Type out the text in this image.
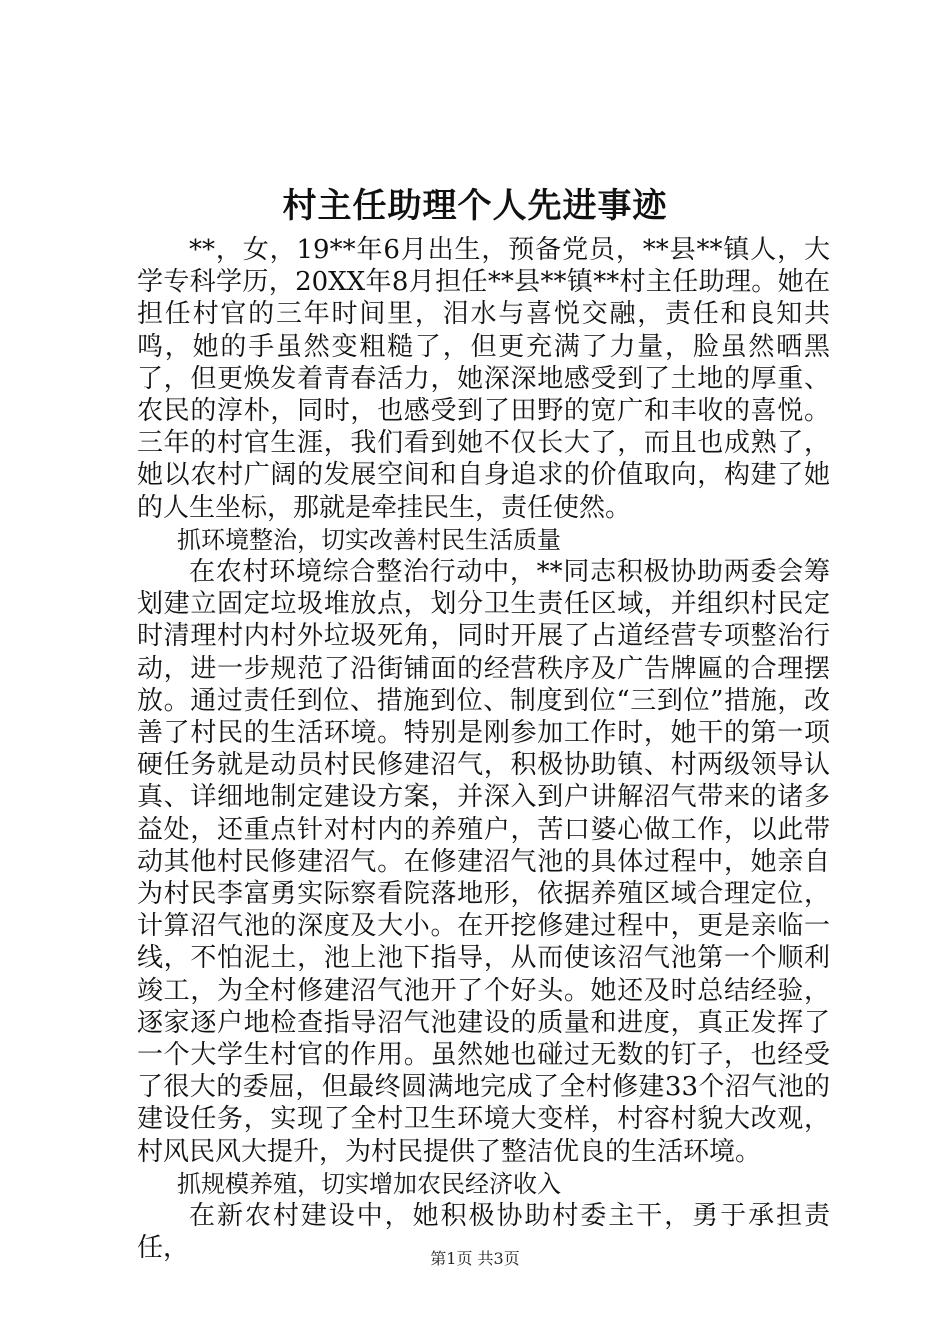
村主任助理个人先进事迹

**，女，19**年6月出生，预备党员，**县**镇人，大学专科学历，20XX年8月担任**县**镇**村主任助理。她在担任村官的三年时间里，泪水与喜悦交融，责任和良知共鸣，她的手虽然变粗糙了，但更充满了力量，脸虽然晒黑了，但更焕发着青春活力，她深深地感受到了土地的厚重、农民的淳朴，同时，也感受到了田野的宽广和丰收的喜悦。三年的村官生涯，我们看到她不仅长大了，而且也成熟了，她以农村广阔的发展空间和自身追求的价值取向，构建了她的人生坐标，那就是牵挂民生，责任使然。

抓环境整治，切实改善村民生活质量

在农村环境综合整治行动中，**同志积极协助两委会筹划建立固定垃圾堆放点，划分卫生责任区域，并组织村民定时清理村内村外垃圾死角，同时开展了占道经营专项整治行动，进一步规范了沿街铺面的经营秩序及广告牌匾的合理摆放。通过责任到位、措施到位、制度到位“三到位”措施，改善了村民的生活环境。特别是刚参加工作时，她干的第一项硬任务就是动员村民修建沼气，积极协助镇、村两级领导认真、详细地制定建设方案，并深入到户讲解沼气带来的诸多益处，还重点针对村内的养殖户，苦口婆心做工作，以此带动其他村民修建沼气。在修建沼气池的具体过程中，她亲自为村民李富勇实际察看院落地形，依据养殖区域合理定位，计算沼气池的深度及大小。在开挖修建过程中，更是亲临一线，不怕泥土，池上池下指导，从而使该沼气池第一个顺利竣工，为全村修建沼气池开了个好头。她还及时总结经验，逐家逐户地检查指导沼气池建设的质量和进度，真正发挥了一个大学生村官的作用。虽然她也碰过无数的钉子，也经受了很大的委屈，但最终圆满地完成了全村修建33个沼气池的建设任务，实现了全村卫生环境大变样，村容村貌大改观，村风民风大提升，为村民提供了整洁优良的生活环境。

抓规模养殖，切实增加农民经济收入

在新农村建设中，她积极协助村委主干，勇于承担责任，	第1页 共3页
